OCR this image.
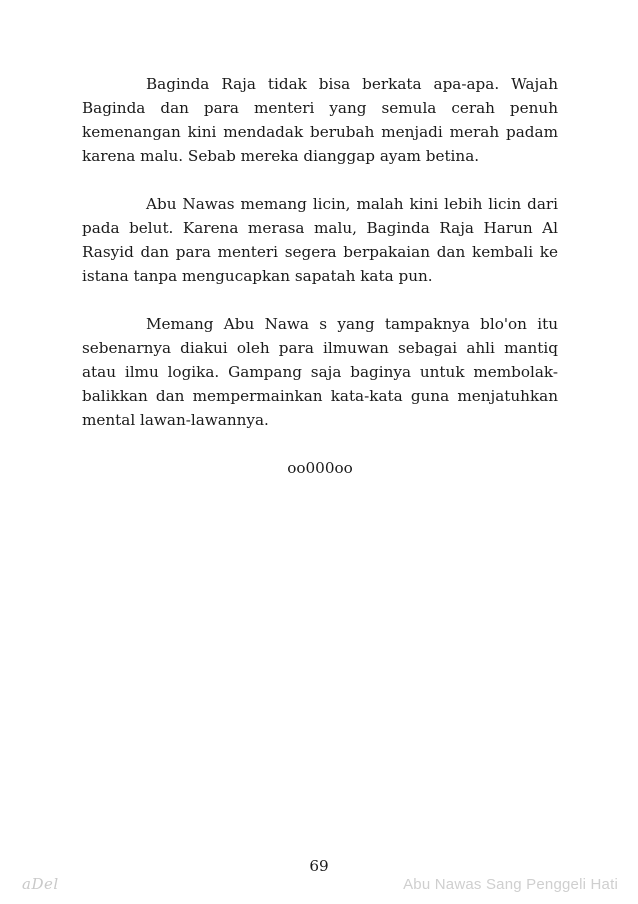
Baginda Raja tidak bisa berkata apa-apa. Wajah Baginda dan para menteri yang semula cerah penuh kemenangan kini mendadak berubah menjadi merah padam karena malu. Sebab mereka dianggap ayam betina.

Abu Nawas memang licin, malah kini lebih licin dari pada belut. Karena merasa malu, Baginda Raja Harun Al Rasyid dan para menteri segera berpakaian dan kembali ke istana tanpa mengucapkan sapatah kata pun.

Memang Abu Nawa s yang tampaknya blo'on itu sebenarnya diakui oleh para ilmuwan sebagai ahli mantiq atau ilmu logika. Gampang saja baginya untuk membolak-balikkan dan mempermainkan kata-kata guna menjatuhkan mental lawan-lawannya.

oo000oo

69
aDel	Abu Nawas Sang Penggeli Hati
